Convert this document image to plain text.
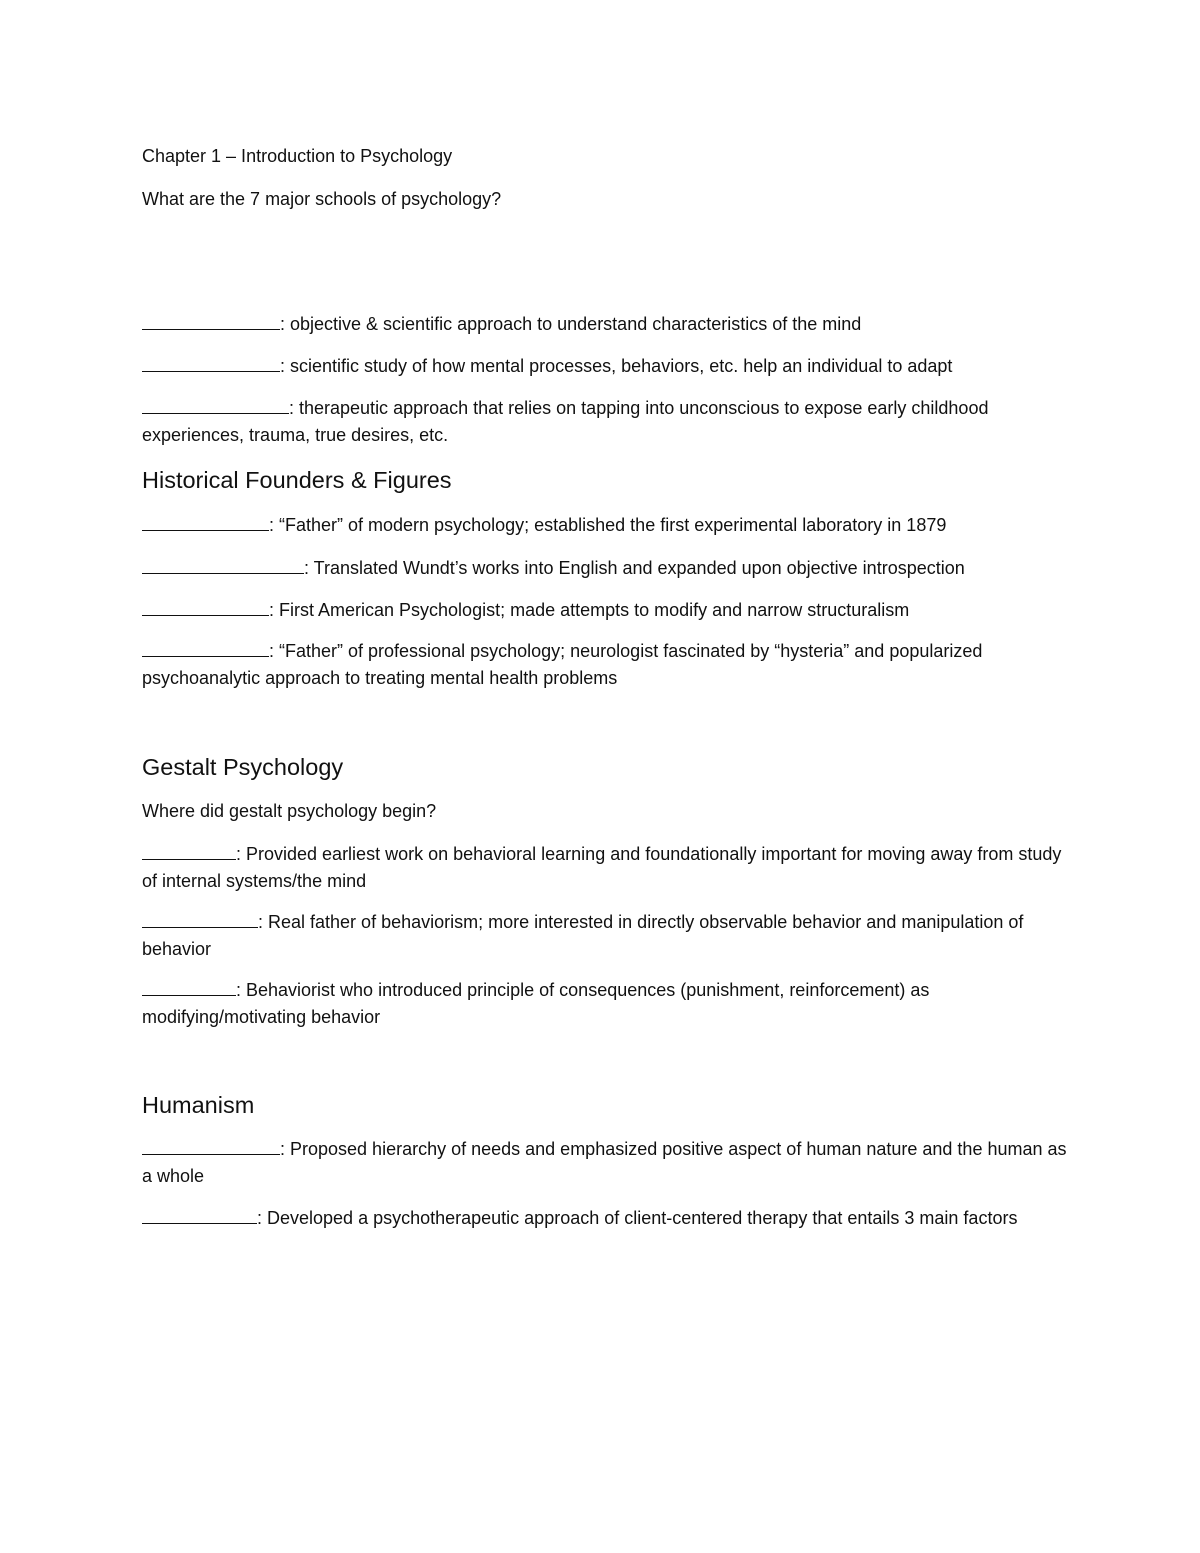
Chapter 1 – Introduction to Psychology
What are the 7 major schools of psychology?
: objective & scientific approach to understand characteristics of the mind
: scientific study of how mental processes, behaviors, etc. help an individual to adapt
: therapeutic approach that relies on tapping into unconscious to expose early childhood experiences, trauma, true desires, etc.
Historical Founders & Figures
: “Father” of modern psychology; established the first experimental laboratory in 1879
: Translated Wundt’s works into English and expanded upon objective introspection
: First American Psychologist; made attempts to modify and narrow structuralism
: “Father” of professional psychology; neurologist fascinated by “hysteria” and popularized psychoanalytic approach to treating mental health problems
Gestalt Psychology
Where did gestalt psychology begin?
: Provided earliest work on behavioral learning and foundationally important for moving away from study of internal systems/the mind
: Real father of behaviorism; more interested in directly observable behavior and manipulation of behavior
: Behaviorist who introduced principle of consequences (punishment, reinforcement) as modifying/motivating behavior
Humanism
: Proposed hierarchy of needs and emphasized positive aspect of human nature and the human as a whole
: Developed a psychotherapeutic approach of client-centered therapy that entails 3 main factors
